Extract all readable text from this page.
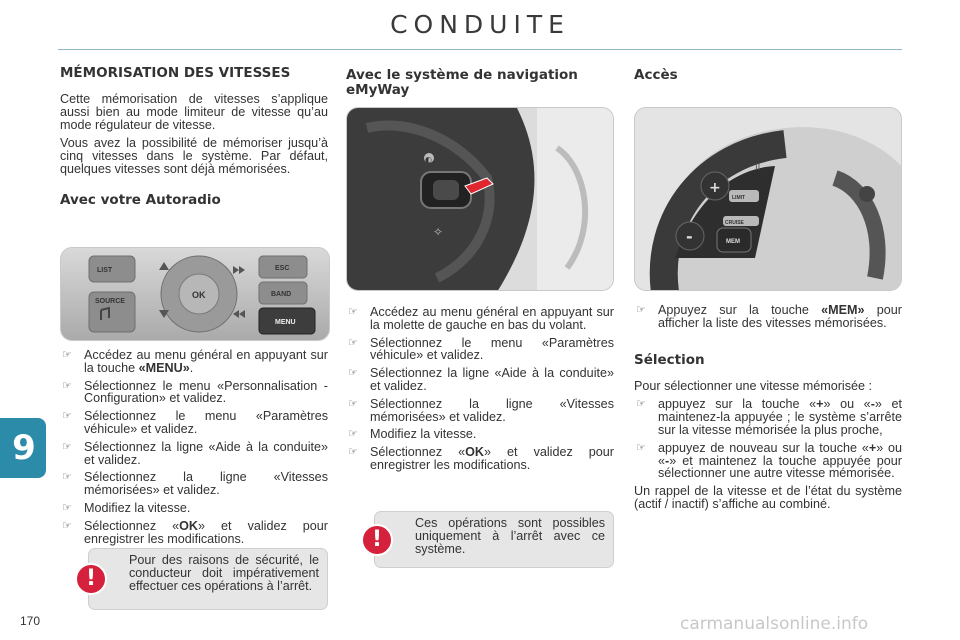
CONDUITE
MÉMORISATION DES VITESSES

Cette mémorisation de vitesses s’applique aussi bien au mode limiteur de vitesse qu’au mode régulateur de vitesse.

Vous avez la possibilité de mémoriser jusqu’à cinq vitesses dans le système. Par défaut, quelques vitesses sont déjà mémorisées.

Avec votre Autoradio
LIST
SOURCE
OK
ESC
BAND
MENU
☞ Accédez au menu général en appuyant sur la touche «MENU».
☞ Sélectionnez le menu «Personnalisation - Configuration» et validez.
☞ Sélectionnez le menu «Paramètres véhicule» et validez.
☞ Sélectionnez la ligne «Aide à la conduite» et validez.
☞ Sélectionnez la ligne «Vitesses mémorisées» et validez.
☞ Modifiez la vitesse.
☞ Sélectionnez «OK» et validez pour enregistrer les modifications.
!
Pour des raisons de sécurité, le conducteur doit impérativement effectuer ces opérations à l’arrêt.
Avec le système de navigation eMyWay
◐
✧
☞ Accédez au menu général en appuyant sur la molette de gauche en bas du volant.
☞ Sélectionnez le menu «Paramètres véhicule» et validez.
☞ Sélectionnez la ligne «Aide à la conduite» et validez.
☞ Sélectionnez la ligne «Vitesses mémorisées» et validez.
☞ Modifiez la vitesse.
☞ Sélectionnez «OK» et validez pour enregistrer les modifications.
!
Ces opérations sont possibles uniquement à l’arrêt avec ce système.
Accès
II
+
-
LIMIT
CRUISE
MEM
☞ Appuyez sur la touche «MEM» pour afficher la liste des vitesses mémorisées.
Sélection

Pour sélectionner une vitesse mémorisée :

☞ appuyez sur la touche «+» ou «-» et maintenez-la appuyée ; le système s’arrête sur la vitesse mémorisée la plus proche,
☞ appuyez de nouveau sur la touche «+» ou «-» et maintenez la touche appuyée pour sélectionner une autre vitesse mémorisée.

Un rappel de la vitesse et de l’état du système (actif / inactif) s’affiche au combiné.

9
170	carmanualsonline.info
